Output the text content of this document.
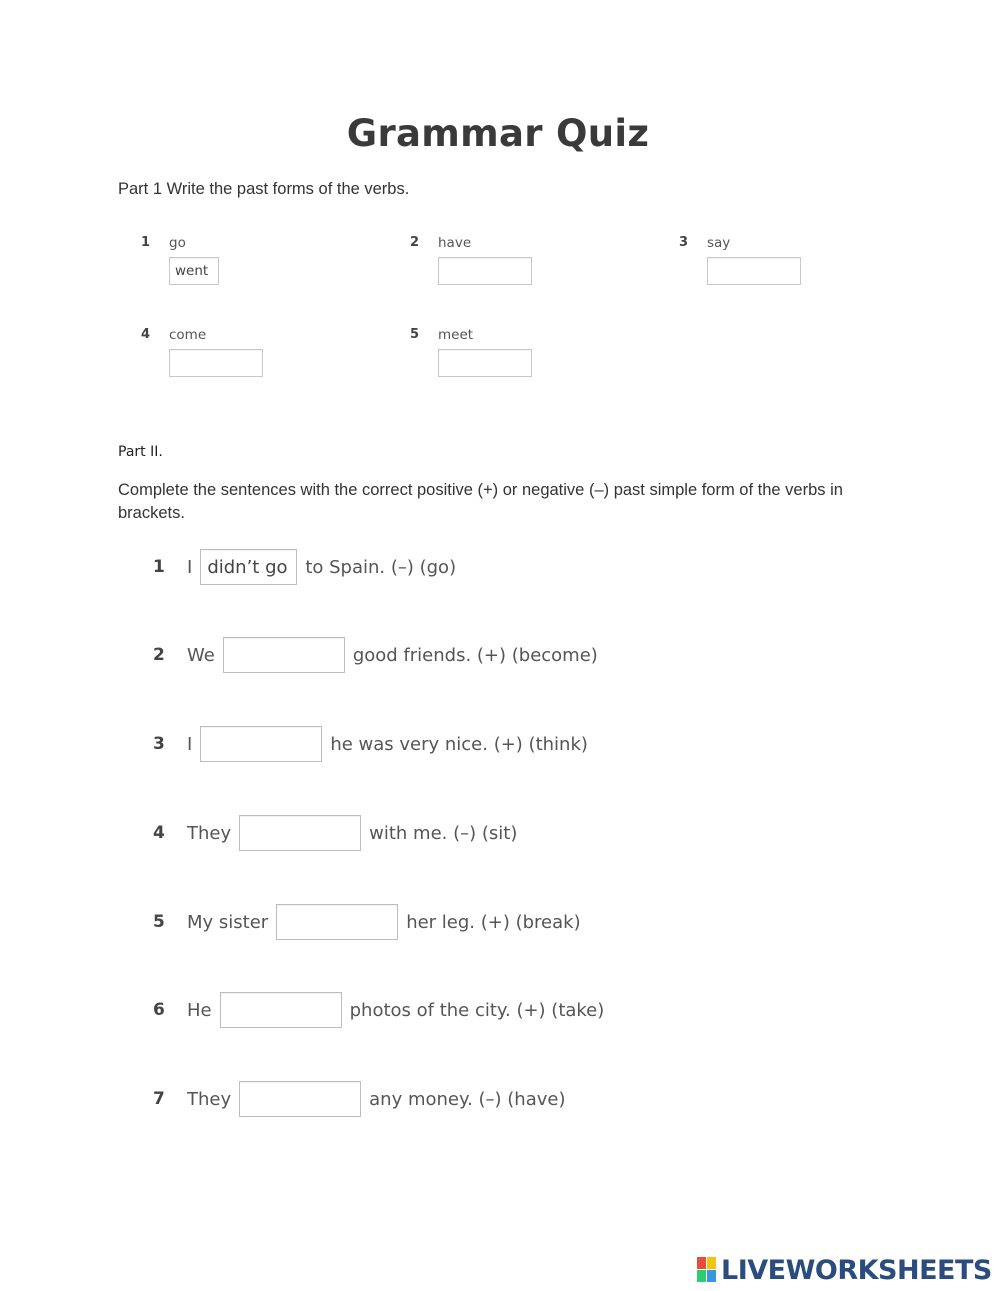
Grammar Quiz
Part 1 Write the past forms of the verbs.
1	go
went	2	have	3	say
4	come	5	meet
Part II.
Complete the sentences with the correct positive (+) or negative (–) past simple form of the verbs in brackets.
1	I
didn’t go	to Spain. (–) (go)
2	We	good friends. (+) (become)
3	I	he was very nice. (+) (think)
4	They	with me. (–) (sit)
5	My sister	her leg. (+) (break)
6	He	photos of the city. (+) (take)
7	They	any money. (–) (have)
LIVEWORKSHEETS
